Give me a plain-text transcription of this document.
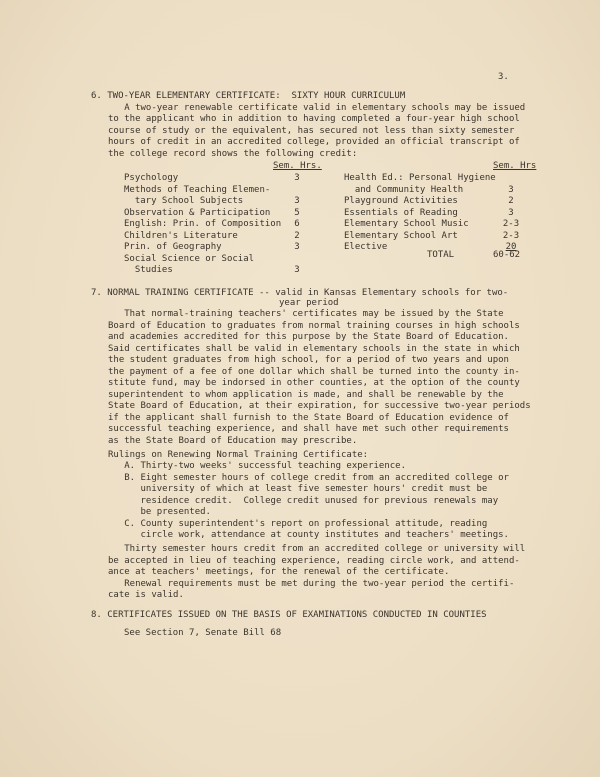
3.
6. TWO-YEAR ELEMENTARY CERTIFICATE:  SIXTY HOUR CURRICULUM
A two-year renewable certificate valid in elementary schools may be issued
to the applicant who in addition to having completed a four-year high school
course of study or the equivalent, has secured not less than sixty semester
hours of credit in an accredited college, provided an official transcript of
the college record shows the following credit:
Sem. Hrs.	Sem. Hrs
Psychology	3
Methods of Teaching Elemen-
tary School Subjects	3
Observation & Participation	5
English: Prin. of Composition	6
Children's Literature	2
Prin. of Geography	3
Social Science or Social
Studies	3
Health Ed.: Personal Hygiene
and Community Health	3
Playground Activities	2
Essentials of Reading	3
Elementary School Music	2-3
Elementary School Art	2-3
Elective	20
TOTAL	60-62
7. NORMAL TRAINING CERTIFICATE -- valid in Kansas Elementary schools for two-
year period
That normal-training teachers' certificates may be issued by the State
Board of Education to graduates from normal training courses in high schools
and academies accredited for this purpose by the State Board of Education.
Said certificates shall be valid in elementary schools in the state in which
the student graduates from high school, for a period of two years and upon
the payment of a fee of one dollar which shall be turned into the county in-
stitute fund, may be indorsed in other counties, at the option of the county
superintendent to whom application is made, and shall be renewable by the
State Board of Education, at their expiration, for successive two-year periods
if the applicant shall furnish to the State Board of Education evidence of
successful teaching experience, and shall have met such other requirements
as the State Board of Education may prescribe.
Rulings on Renewing Normal Training Certificate:
A. Thirty-two weeks' successful teaching experience.
B. Eight semester hours of college credit from an accredited college or
university of which at least five semester hours' credit must be
residence credit.  College credit unused for previous renewals may
be presented.
C. County superintendent's report on professional attitude, reading
circle work, attendance at county institutes and teachers' meetings.
Thirty semester hours credit from an accredited college or university will
be accepted in lieu of teaching experience, reading circle work, and attend-
ance at teachers' meetings, for the renewal of the certificate.
Renewal requirements must be met during the two-year period the certifi-
cate is valid.
8. CERTIFICATES ISSUED ON THE BASIS OF EXAMINATIONS CONDUCTED IN COUNTIES
See Section 7, Senate Bill 68
